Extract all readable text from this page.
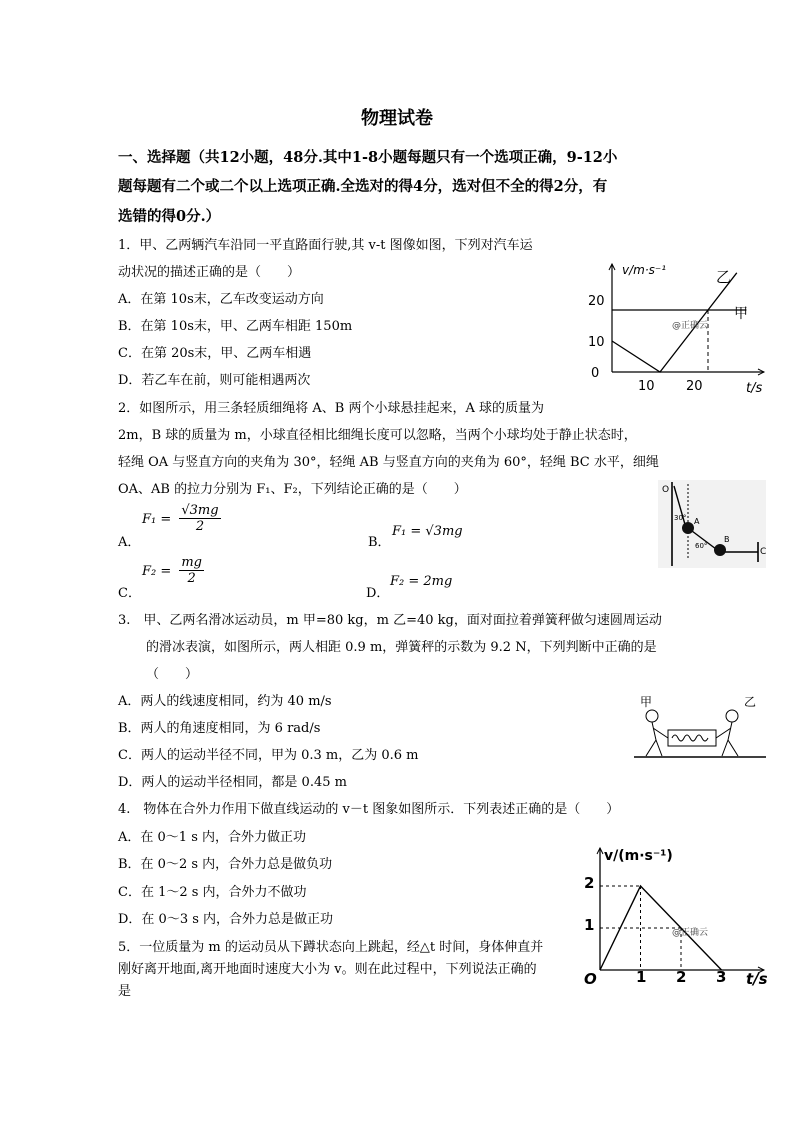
物理试卷
一、选择题（共12小题，48分.其中1-8小题每题只有一个选项正确，9-12小
题每题有二个或二个以上选项正确.全选对的得4分，选对但不全的得2分，有
选错的得0分.）
1．甲、乙两辆汽车沿同一平直路面行驶,其 v-t 图像如图，下列对汽车运
动状况的描述正确的是（　　）
A．在第 10s末，乙车改变运动方向
B．在第 10s末，甲、乙两车相距 150m
C．在第 20s末，甲、乙两车相遇
D．若乙车在前，则可能相遇两次
v/m·s⁻¹
t/s
20
10
0
10 20
甲
乙
@正确云
2．如图所示，用三条轻质细绳将 A、B 两个小球悬挂起来，A 球的质量为
2m，B 球的质量为 m，小球直径相比细绳长度可以忽略，当两个小球均处于静止状态时，
轻绳 OA 与竖直方向的夹角为 30°，轻绳 AB 与竖直方向的夹角为 60°，轻绳 BC 水平，细绳
OA、AB 的拉力分别为 F₁、F₂，下列结论正确的是（　　）
A．
$F_1 = \frac{√3mg}{2}$
B．
F₁ = √3mg
C．
$F_2 = \frac{mg}{2}$
D．
F₂ = 2mg
O
A
B
C
30°
60°
3.　甲、乙两名滑冰运动员，m 甲=80 kg，m 乙=40 kg，面对面拉着弹簧秤做匀速圆周运动
的滑冰表演，如图所示，两人相距 0.9 m，弹簧秤的示数为 9.2 N，下列判断中正确的是
（　　）
A．两人的线速度相同，约为 40 m/s
B．两人的角速度相同，为 6 rad/s
C．两人的运动半径不同，甲为 0.3 m，乙为 0.6 m
D．两人的运动半径相同，都是 0.45 m
甲	乙
4.　物体在合外力作用下做直线运动的 v－t 图象如图所示．下列表述正确的是（　　）
A．在 0～1 s 内，合外力做正功
B．在 0～2 s 内，合外力总是做负功
C．在 1～2 s 内，合外力不做功
D．在 0～3 s 内，合外力总是做正功
v/(m·s⁻¹)
t/s
O
2
1
1 2 3
@正确云
5．一位质量为 m 的运动员从下蹲状态向上跳起，经△t 时间，身体伸直并
刚好离开地面,离开地面时速度大小为 v。则在此过程中，下列说法正确的
是
